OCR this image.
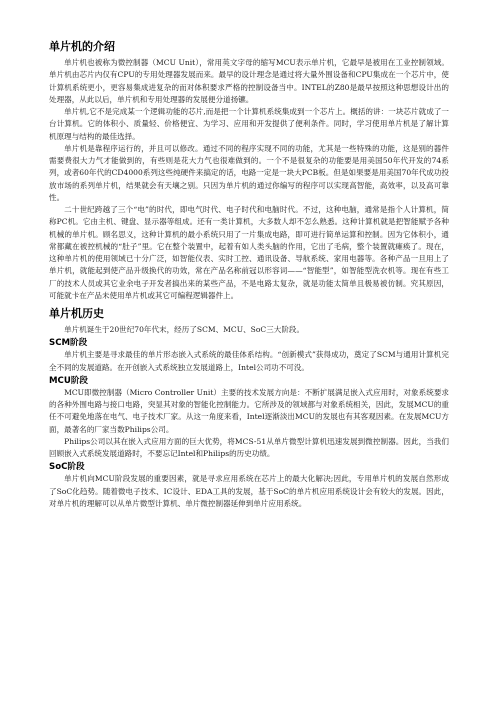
单片机的介绍

单片机也被称为微控制器（MCU Unit），常用英文字母的缩写MCU表示单片机，它最早是被用在工业控制领域。单片机由芯片内仅有CPU的专用处理器发展而来。最早的设计理念是通过将大量外围设备和CPU集成在一个芯片中，使计算机系统更小，更容易集成进复杂的而对体积要求严格的控制设备当中。INTEL的Z80是最早按照这种思想设计出的处理器，从此以后，单片机和专用处理器的发展便分道扬镳。

单片机,它不是完成某一个逻辑功能的芯片,而是把一个计算机系统集成到一个芯片上。概括的讲：一块芯片就成了一台计算机。它的体积小、质量轻、价格便宜、为学习、应用和开发提供了便利条件。同时，学习使用单片机是了解计算机原理与结构的最佳选择。

单片机是靠程序运行的，并且可以修改。通过不同的程序实现不同的功能，尤其是一些特殊的功能，这是别的器件需要费很大力气才能做到的，有些则是花大力气也很难做到的。一个不是很复杂的功能要是用美国50年代开发的74系列，或者60年代的CD4000系列这些纯硬件来搞定的话，电路一定是一块大PCB板。但是如果要是用美国70年代成功投放市场的系列单片机，结果就会有天壤之别。只因为单片机的通过你编写的程序可以实现高智能，高效率，以及高可靠性。

二十世纪跨越了三个“电”的时代，即电气时代、电子时代和电脑时代。不过，这种电脑，通常是指个人计算机，简称PC机。它由主机、键盘、显示器等组成。还有一类计算机，大多数人却不怎么熟悉。这种计算机就是把智能赋予各种机械的单片机。顾名思义，这种计算机的最小系统只用了一片集成电路，即可进行简单运算和控制。因为它体积小，通常都藏在被控机械的“肚子”里。它在整个装置中，起着有如人类头脑的作用，它出了毛病，整个装置就瘫痪了。现在，这种单片机的使用领域已十分广泛，如智能仪表、实时工控、通讯设备、导航系统、家用电器等。各种产品一旦用上了单片机，就能起到使产品升级换代的功效，常在产品名称前冠以形容词——“智能型”，如智能型洗衣机等。现在有些工厂的技术人员或其它业余电子开发者搞出来的某些产品，不是电路太复杂，就是功能太简单且极易被仿制。究其原因，可能就卡在产品未使用单片机或其它可编程逻辑器件上。

单片机历史

单片机诞生于20世纪70年代末，经历了SCM、MCU、SoC三大阶段。

SCM阶段

单片机主要是寻求最佳的单片形态嵌入式系统的最佳体系结构。“创新模式”获得成功，奠定了SCM与通用计算机完全不同的发展道路。在开创嵌入式系统独立发展道路上，Intel公司功不可没。

MCU阶段

MCU即微控制器（Micro Controller Unit）主要的技术发展方向是：不断扩展满足嵌入式应用时，对象系统要求的各种外围电路与接口电路，突显其对象的智能化控制能力。它所涉及的领域都与对象系统相关，因此，发展MCU的重任不可避免地落在电气、电子技术厂家。从这一角度来看，Intel逐渐淡出MCU的发展也有其客观因素。在发展MCU方面，最著名的厂家当数Philips公司。

Philips公司以其在嵌入式应用方面的巨大优势，将MCS-51从单片微型计算机迅速发展到微控制器。因此，当我们回顾嵌入式系统发展道路时，不要忘记Intel和Philips的历史功绩。

SoC阶段

单片机向MCU阶段发展的重要因素，就是寻求应用系统在芯片上的最大化解决;因此，专用单片机的发展自然形成了SoC化趋势。随着微电子技术、IC设计、EDA工具的发展，基于SoC的单片机应用系统设计会有较大的发展。因此，对单片机的理解可以从单片微型计算机、单片微控制器延伸到单片应用系统。
